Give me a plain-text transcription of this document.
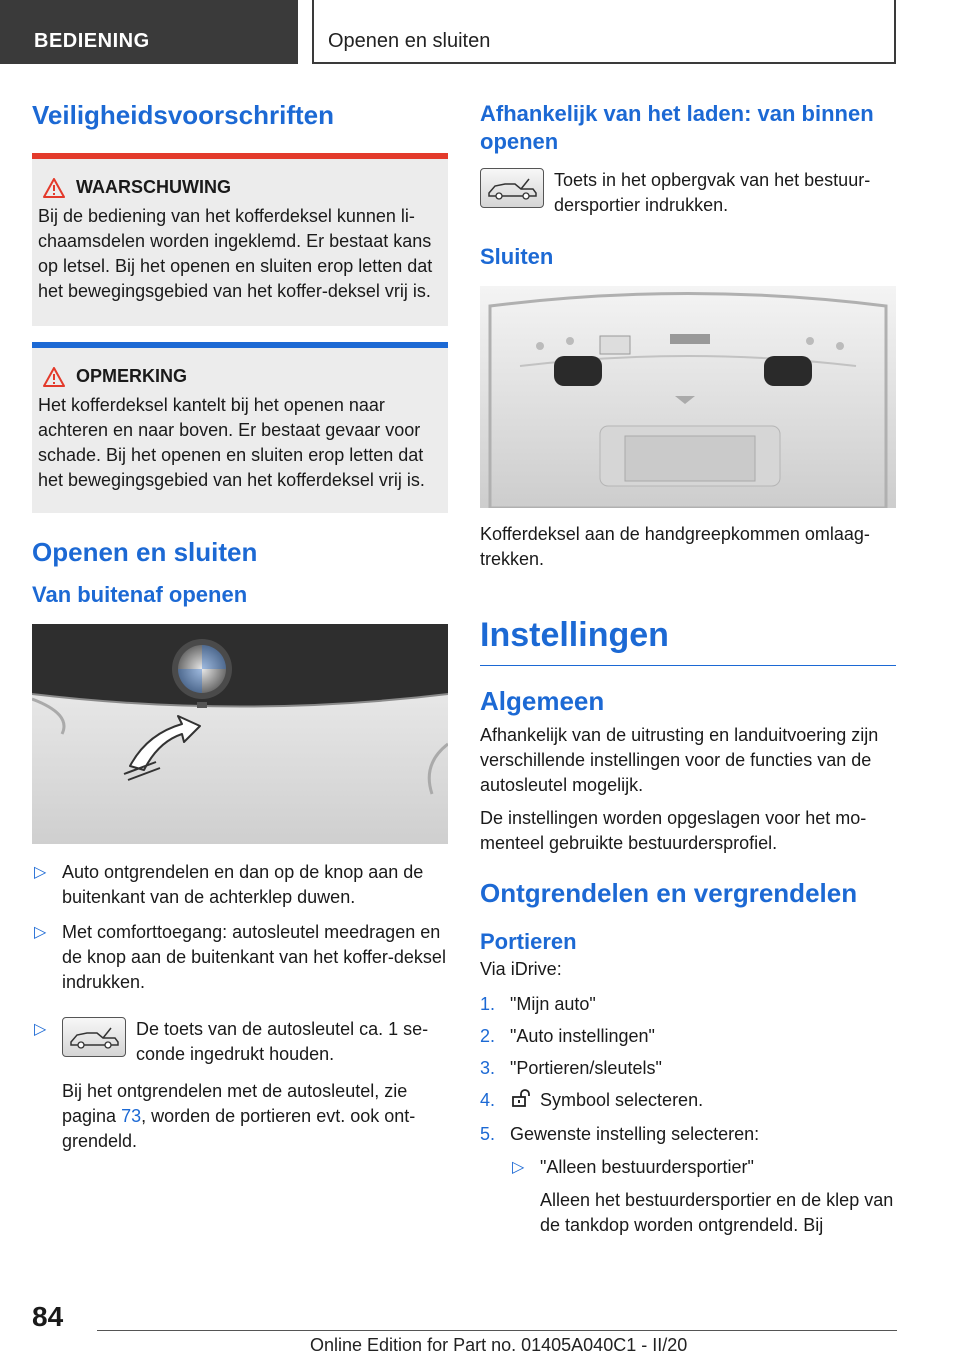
BEDIENING	Openen en sluiten
Veiligheidsvoorschriften
WAARSCHUWING

Bij de bediening van het kofferdeksel kunnen li-chaamsdelen worden ingeklemd. Er bestaat kans op letsel. Bij het openen en sluiten erop letten dat het bewegingsgebied van het koffer-deksel vrij is.

OPMERKING

Het kofferdeksel kantelt bij het openen naar achteren en naar boven. Er bestaat gevaar voor schade. Bij het openen en sluiten erop letten dat het bewegingsgebied van het kofferdeksel vrij is.

Openen en sluiten
Van buitenaf openen
▷ Auto ontgrendelen en dan op de knop aan de buitenkant van de achterklep duwen.
▷ Met comforttoegang: autosleutel meedragen en de knop aan de buitenkant van het koffer-deksel indrukken.
▷	De toets van de autosleutel ca. 1 se-conde ingedrukt houden.

Bij het ontgrendelen met de autosleutel, zie pagina 73, worden de portieren evt. ook ont-grendeld.

Afhankelijk van het laden: van binnen openen

Toets in het opbergvak van het bestuur-dersportier indrukken.

Sluiten

Kofferdeksel aan de handgreepkommen omlaag-trekken.

Instellingen
Algemeen

Afhankelijk van de uitrusting en landuitvoering zijn verschillende instellingen voor de functies van de autosleutel mogelijk.

De instellingen worden opgeslagen voor het mo-menteel gebruikte bestuurdersprofiel.

Ontgrendelen en vergrendelen
Portieren

Via iDrive:

1. "Mijn auto"
2. "Auto instellingen"
3. "Portieren/sleutels"
4. Symbool selecteren.
5. Gewenste instelling selecteren:
▷ "Alleen bestuurdersportier"

Alleen het bestuurdersportier en de klep van de tankdop worden ontgrendeld. Bij

84
Online Edition for Part no. 01405A040C1 - II/20
